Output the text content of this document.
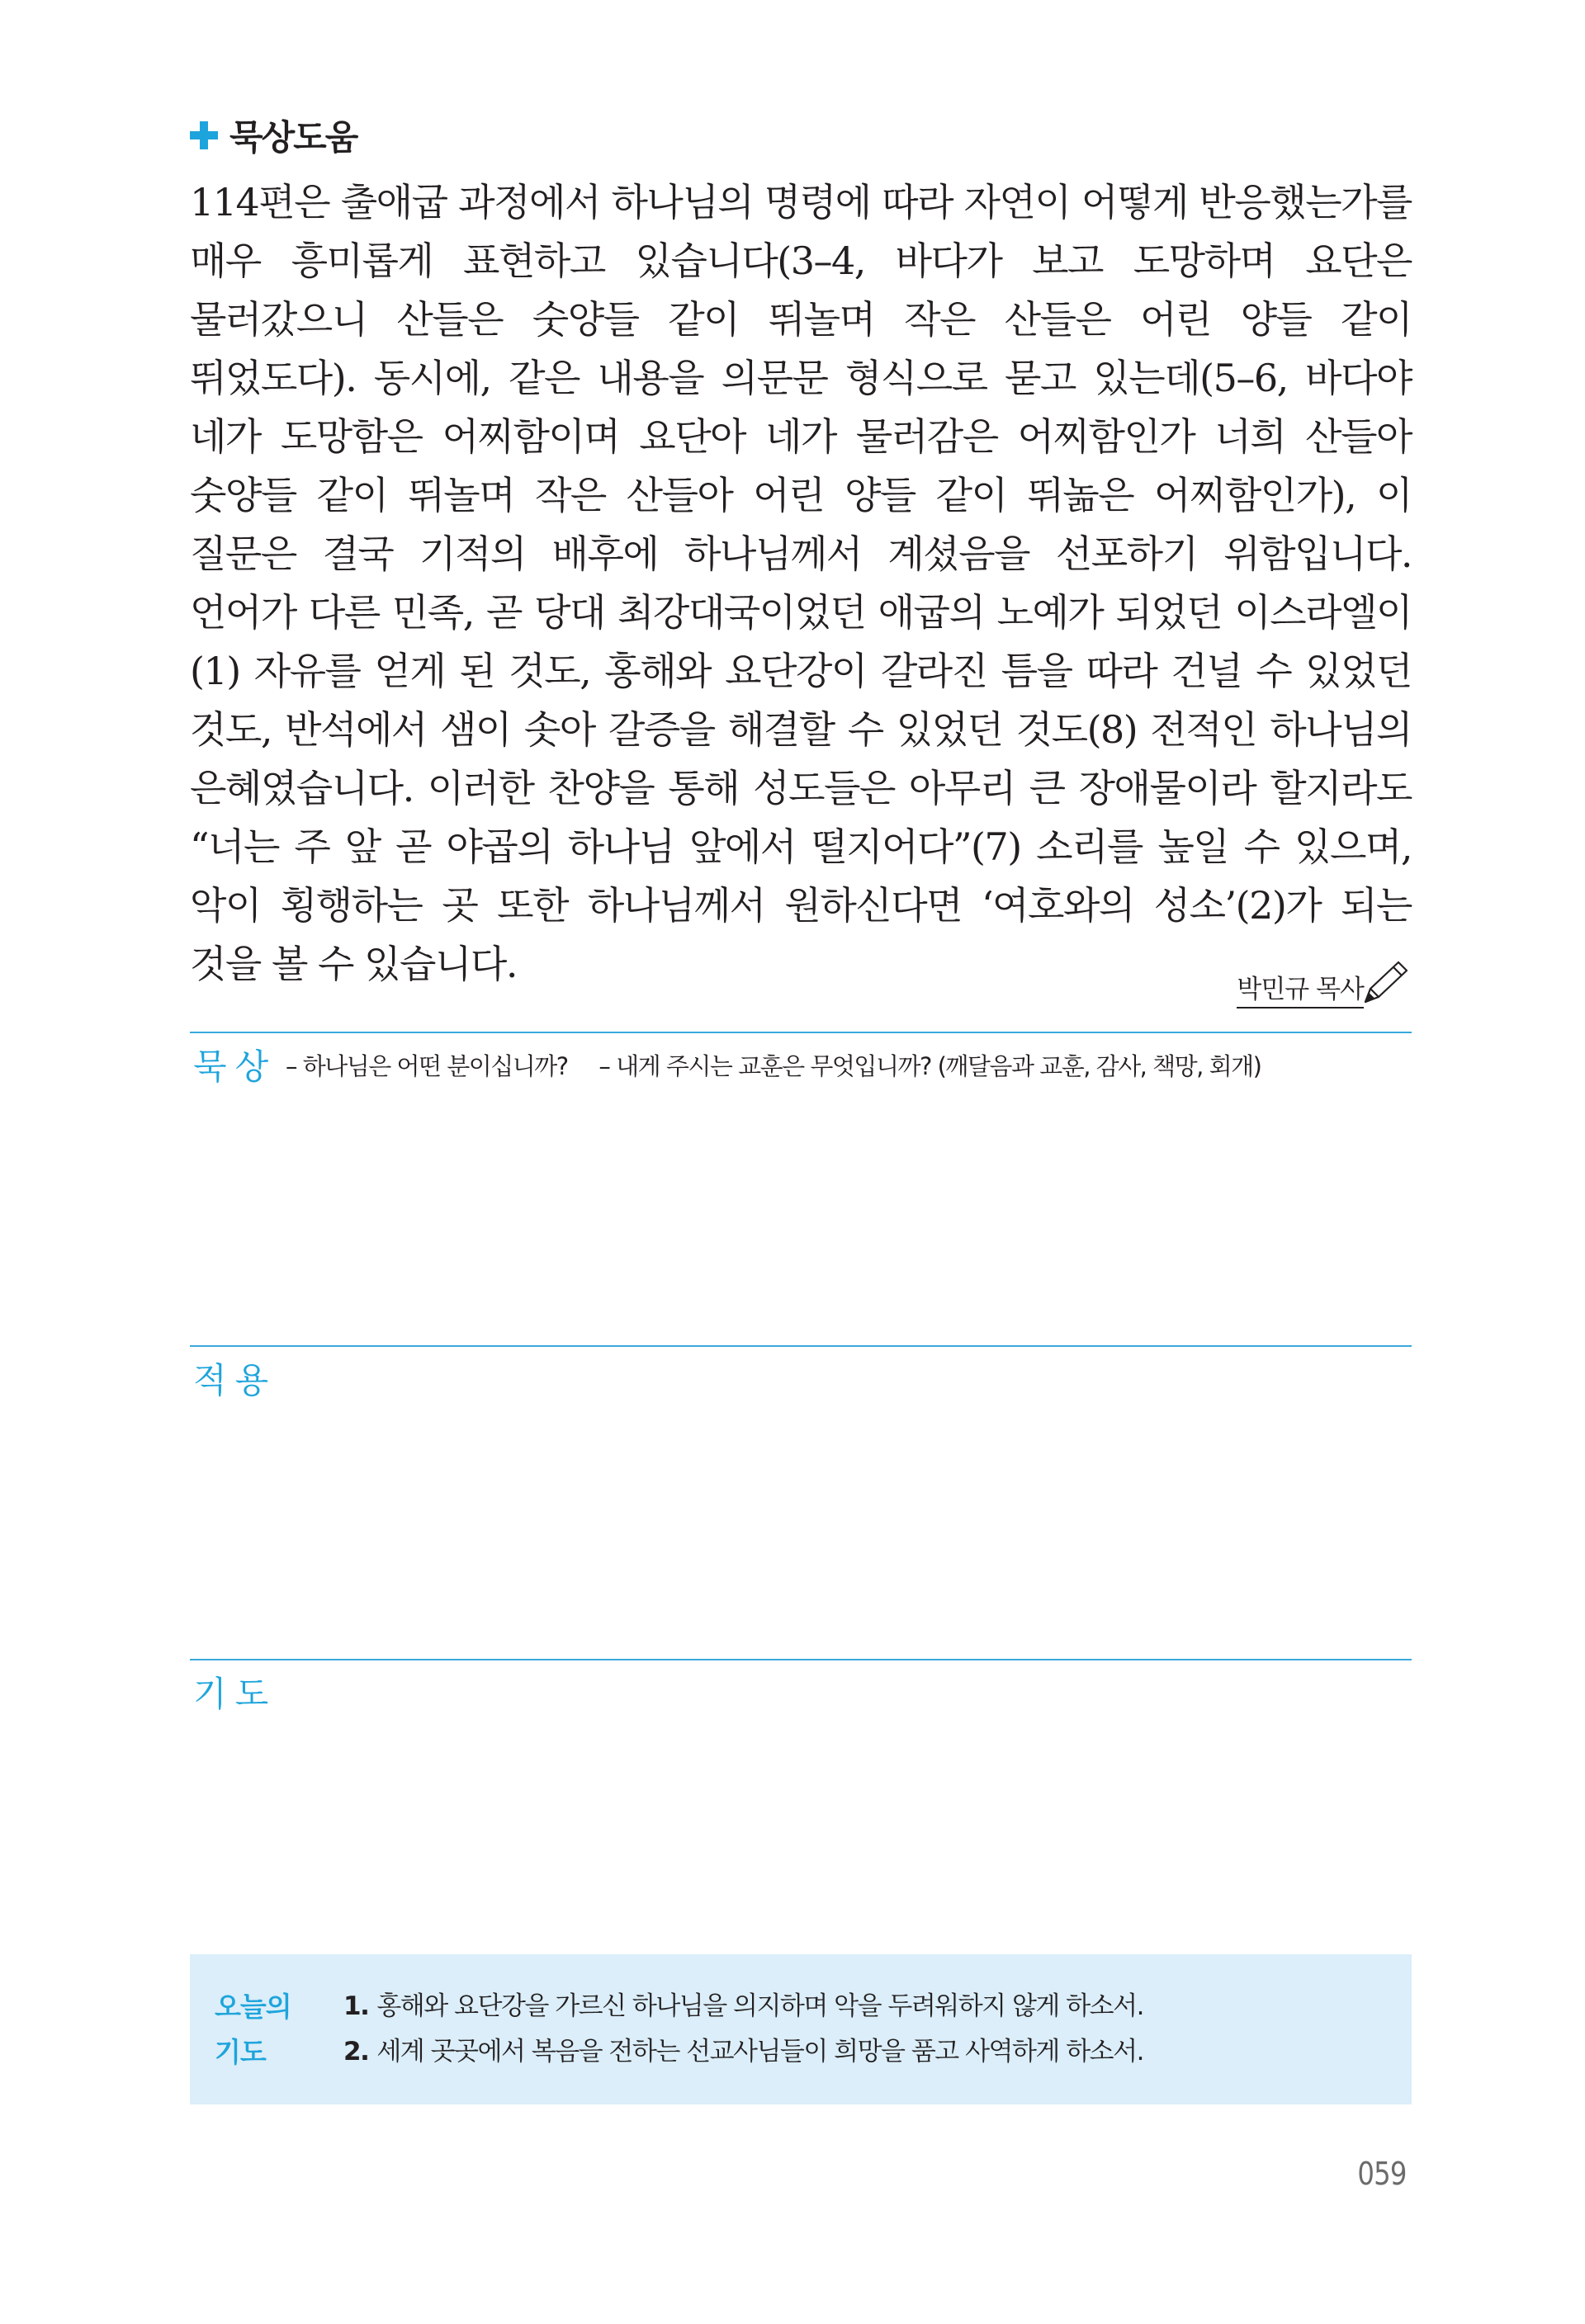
묵상도움
114편은 출애굽 과정에서 하나님의 명령에 따라 자연이 어떻게 반응했는가를 매우 흥미롭게 표현하고 있습니다(3–4, 바다가 보고 도망하며 요단은 물러갔으니 산들은 숫양들 같이 뛰놀며 작은 산들은 어린 양들 같이 뛰었도다). 동시에, 같은 내용을 의문문 형식으로 묻고 있는데(5–6, 바다야 네가 도망함은 어찌함이며 요단아 네가 물러감은 어찌함인가 너희 산들아 숫양들 같이 뛰놀며 작은 산들아 어린 양들 같이 뛰놂은 어찌함인가), 이 질문은 결국 기적의 배후에 하나님께서 계셨음을 선포하기 위함입니다. 언어가 다른 민족, 곧 당대 최강대국이었던 애굽의 노예가 되었던 이스라엘이(1) 자유를 얻게 된 것도, 홍해와 요단강이 갈라진 틈을 따라 건널 수 있었던 것도, 반석에서 샘이 솟아 갈증을 해결할 수 있었던 것도(8) 전적인 하나님의 은혜였습니다. 이러한 찬양을 통해 성도들은 아무리 큰 장애물이라 할지라도 “너는 주 앞 곧 야곱의 하나님 앞에서 떨지어다”(7) 소리를 높일 수 있으며, 악이 횡행하는 곳 또한 하나님께서 원하신다면 ‘여호와의 성소’(2)가 되는 것을 볼 수 있습니다.
박민규 목사
묵상 – 하나님은 어떤 분이십니까? – 내게 주시는 교훈은 무엇입니까? (깨달음과 교훈, 감사, 책망, 회개)
적용
기도
오늘의 기도
1. 홍해와 요단강을 가르신 하나님을 의지하며 악을 두려워하지 않게 하소서.
2. 세계 곳곳에서 복음을 전하는 선교사님들이 희망을 품고 사역하게 하소서.
059
